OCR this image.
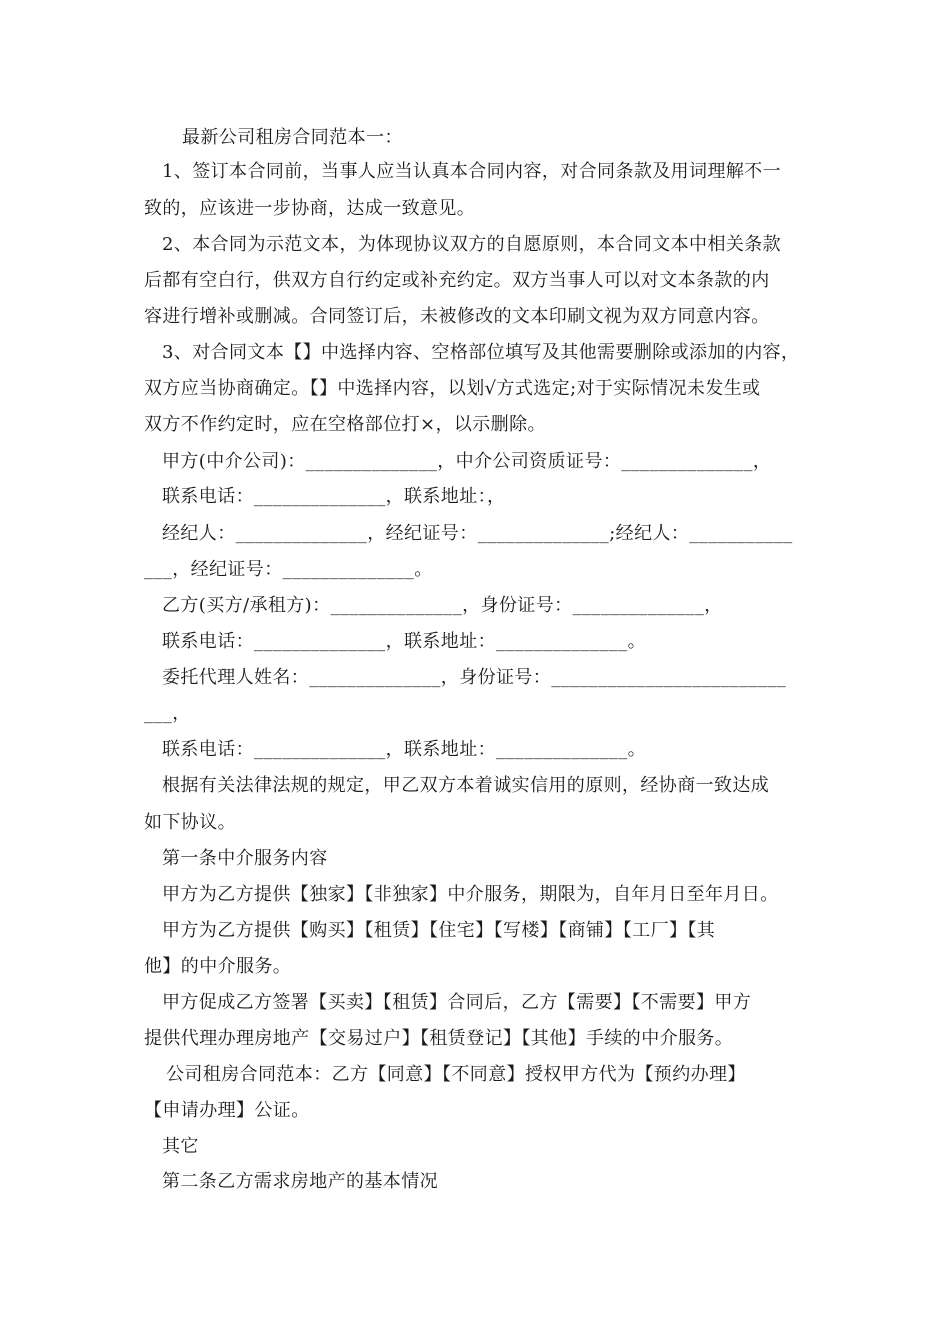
最新公司租房合同范本一：
1、签订本合同前，当事人应当认真本合同内容，对合同条款及用词理解不一
致的，应该进一步协商，达成一致意见。
2、本合同为示范文本，为体现协议双方的自愿原则，本合同文本中相关条款
后都有空白行，供双方自行约定或补充约定。双方当事人可以对文本条款的内
容进行增补或删减。合同签订后，未被修改的文本印刷文视为双方同意内容。
3、对合同文本【】中选择内容、空格部位填写及其他需要删除或添加的内容，
双方应当协商确定。【】中选择内容，以划√方式选定;对于实际情况未发生或
双方不作约定时，应在空格部位打×，以示删除。
甲方(中介公司)：______________，中介公司资质证号：______________，
联系电话：______________，联系地址：，
经纪人：______________，经纪证号：______________;经纪人：___________
___，经纪证号：______________。
乙方(买方/承租方)：______________，身份证号：______________，
联系电话：______________，联系地址：______________。
委托代理人姓名：______________，身份证号：_________________________
___，
联系电话：______________，联系地址：______________。
根据有关法律法规的规定，甲乙双方本着诚实信用的原则，经协商一致达成
如下协议。
第一条中介服务内容
甲方为乙方提供【独家】【非独家】中介服务，期限为，自年月日至年月日。
甲方为乙方提供【购买】【租赁】【住宅】【写楼】【商铺】【工厂】【其
他】的中介服务。
甲方促成乙方签署【买卖】【租赁】合同后，乙方【需要】【不需要】甲方
提供代理办理房地产【交易过户】【租赁登记】【其他】手续的中介服务。
公司租房合同范本：乙方【同意】【不同意】授权甲方代为【预约办理】
【申请办理】公证。
其它
第二条乙方需求房地产的基本情况
